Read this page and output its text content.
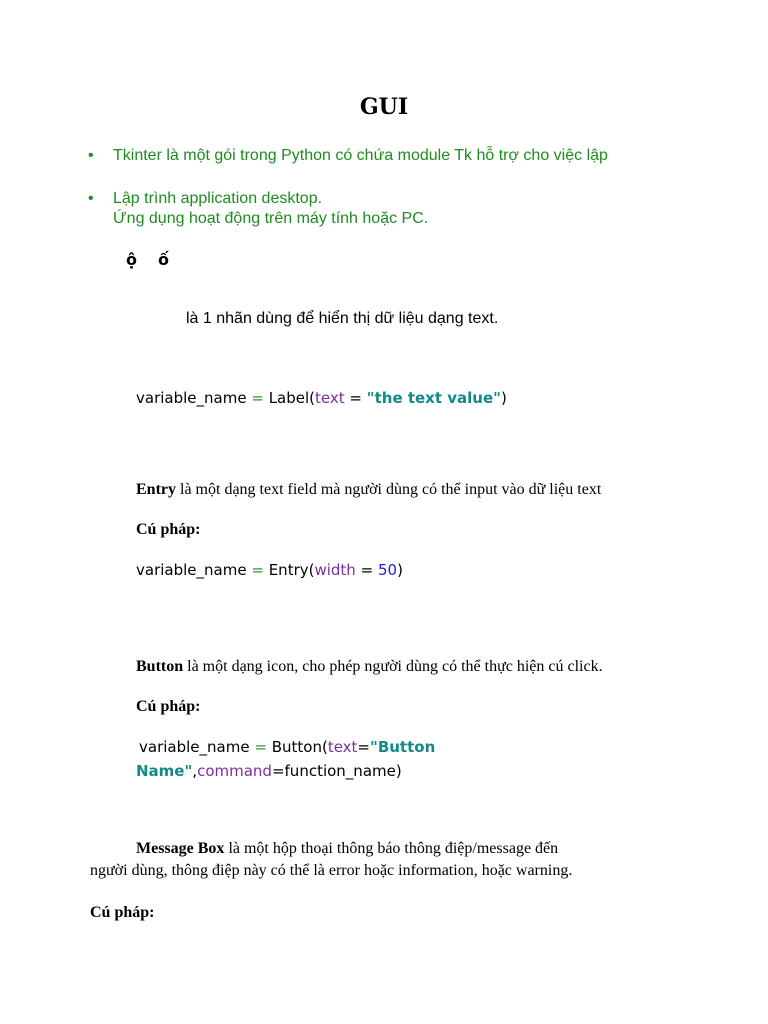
GUI
• Tkinter là một gói trong Python có chứa module Tk hỗ trợ cho việc lập
• Lập trình application desktop.
Ứng dụng hoạt động trên máy tính hoặc PC.
ộ ố
là 1 nhãn dùng để hiển thị dữ liệu dạng text.
variable_name = Label(text = "the text value")
Entry là một dạng text field mà người dùng có thể input vào dữ liệu text
Cú pháp:
variable_name = Entry(width = 50)
Button là một dạng icon, cho phép người dùng có thể thực hiện cú click.
Cú pháp:
variable_name = Button(text="Button
Name",command=function_name)
Message Box là một hộp thoại thông báo thông điệp/message đến
người dùng, thông điệp này có thể là error hoặc information, hoặc warning.
Cú pháp:
